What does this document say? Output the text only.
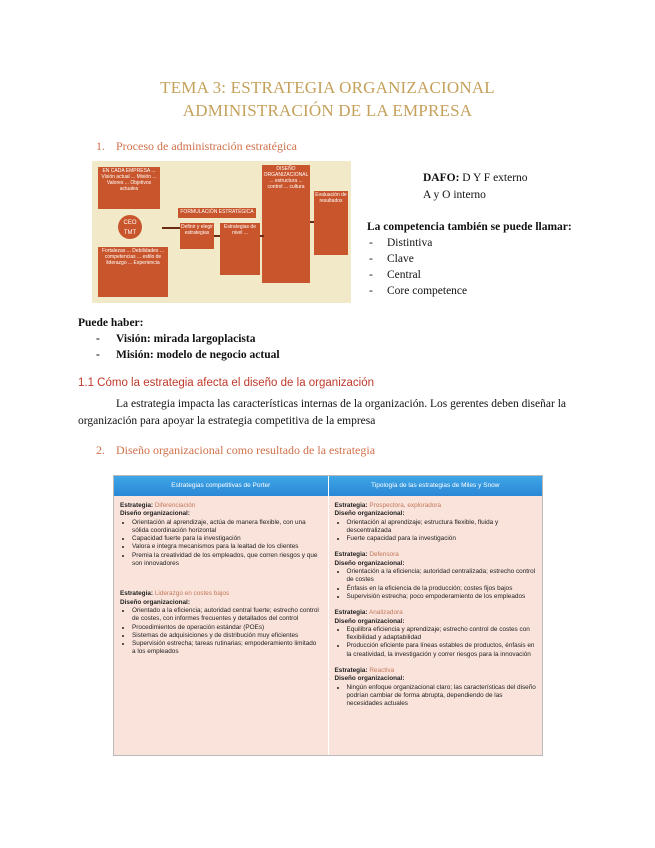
TEMA 3: ESTRATEGIA ORGANIZACIONAL
ADMINISTRACIÓN DE LA EMPRESA
1. Proceso de administración estratégica
EN CADA EMPRESA ... Visión actual ... Misión ... Valores ... Objetivos actuales
CEO TMT
Fortalezas ... Debilidades ... competencias ... estilo de liderazgo ... Experiencia
FORMULACIÓN ESTRATÉGICA
Definir y elegir estrategias
Estrategias de nivel ...
DISEÑO ORGANIZACIONAL ... estructura ... control ... cultura
Evaluación de resultados
DAFO: D Y F externo
A y O interno
La competencia también se puede llamar:
- Distintiva
- Clave
- Central
- Core competence
Puede haber:
- Visión: mirada largoplacista
- Misión: modelo de negocio actual
1.1 Cómo la estrategia afecta el diseño de la organización
La estrategia impacta las características internas de la organización. Los gerentes deben diseñar la organización para apoyar la estrategia competitiva de la empresa
2. Diseño organizacional como resultado de la estrategia
Estrategias competitivas de Porter	Tipología de las estrategias de Miles y Snow
Estrategia: Diferenciación
Diseño organizacional:
• Orientación al aprendizaje, actúa de manera flexible, con una sólida coordinación horizontal
• Capacidad fuerte para la investigación
• Valora e integra mecanismos para la lealtad de los clientes
• Premia la creatividad de los empleados, que corren riesgos y que son innovadores
Estrategia: Liderazgo en costes bajos
Diseño organizacional:
• Orientado a la eficiencia; autoridad central fuerte; estrecho control de costes, con informes frecuentes y detallados del control
• Procedimientos de operación estándar (POEs)
• Sistemas de adquisiciones y de distribución muy eficientes
• Supervisión estrecha; tareas rutinarias; empoderamiento limitado a los empleados
Estrategia: Prospectora, exploradora
Diseño organizacional:
• Orientación al aprendizaje; estructura flexible, fluida y descentralizada
• Fuerte capacidad para la investigación
Estrategia: Defensora
Diseño organizacional:
• Orientación a la eficiencia; autoridad centralizada; estrecho control de costes
• Énfasis en la eficiencia de la producción; costes fijos bajos
• Supervisión estrecha; poco empoderamiento de los empleados
Estrategia: Analizadora
Diseño organizacional:
• Equilibra eficiencia y aprendizaje; estrecho control de costes con flexibilidad y adaptabilidad
• Producción eficiente para líneas estables de productos, énfasis en la creatividad, la investigación y correr riesgos para la innovación
Estrategia: Reactiva
Diseño organizacional:
• Ningún enfoque organizacional claro; las características del diseño podrían cambiar de forma abrupta, dependiendo de las necesidades actuales
